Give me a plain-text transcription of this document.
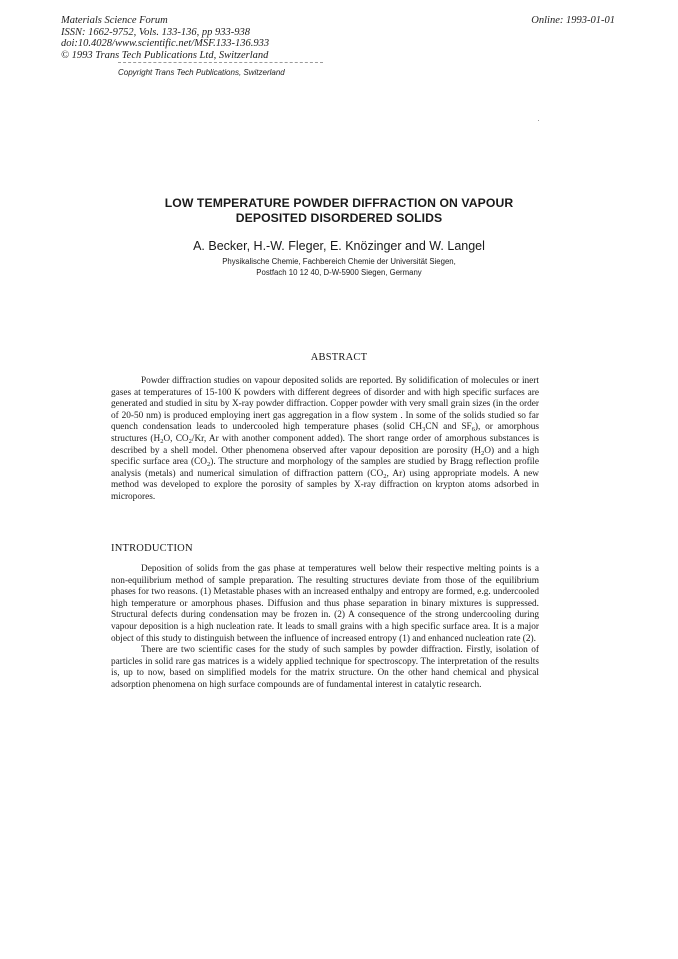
Materials Science Forum
ISSN: 1662-9752, Vols. 133-136, pp 933-938
doi:10.4028/www.scientific.net/MSF.133-136.933
© 1993 Trans Tech Publications Ltd, Switzerland
Online: 1993-01-01
Copyright Trans Tech Publications, Switzerland
LOW TEMPERATURE POWDER DIFFRACTION ON VAPOUR
DEPOSITED DISORDERED SOLIDS
A. Becker, H.-W. Fleger, E. Knözinger and W. Langel
Physikalische Chemie, Fachbereich Chemie der Universität Siegen,
Postfach 10 12 40, D-W-5900 Siegen, Germany
ABSTRACT
Powder diffraction studies on vapour deposited solids are reported. By solidification of molecules or inert gases at temperatures of 15-100 K powders with different degrees of disorder and with high specific surfaces are generated and studied in situ by X-ray powder diffraction. Copper powder with very small grain sizes (in the order of 20-50 nm) is produced employing inert gas aggregation in a flow system . In some of the solids studied so far quench condensation leads to undercooled high temperature phases (solid $CH_3CN$ and $SF_6$), or amorphous structures ($H_2O$, $CO_2/Kr$, Ar with another component added). The short range order of amorphous substances is described by a shell model. Other phenomena observed after vapour deposition are porosity $(H_2O)$ and a high specific surface area $(CO_2)$. The structure and morphology of the samples are studied by Bragg reflection profile analysis (metals) and numerical simulation of diffraction pattern ($CO_2$, Ar) using appropriate models. A new method was developed to explore the porosity of samples by X-ray diffraction on krypton atoms adsorbed in micropores.
INTRODUCTION

Deposition of solids from the gas phase at temperatures well below their respective melting points is a non-equilibrium method of sample preparation. The resulting structures deviate from those of the equilibrium phases for two reasons. (1) Metastable phases with an increased enthalpy and entropy are formed, e.g. undercooled high temperature or amorphous phases. Diffusion and thus phase separation in binary mixtures is suppressed. Structural defects during condensation may be frozen in. (2) A consequence of the strong undercooling during vapour deposition is a high nucleation rate. It leads to small grains with a high specific surface area. It is a major object of this study to distinguish between the influence of increased entropy (1) and enhanced nucleation rate (2).

There are two scientific cases for the study of such samples by powder diffraction. Firstly, isolation of particles in solid rare gas matrices is a widely applied technique for spectroscopy. The interpretation of the results is, up to now, based on simplified models for the matrix structure. On the other hand chemical and physical adsorption phenomena on high surface compounds are of fundamental interest in catalytic research.
